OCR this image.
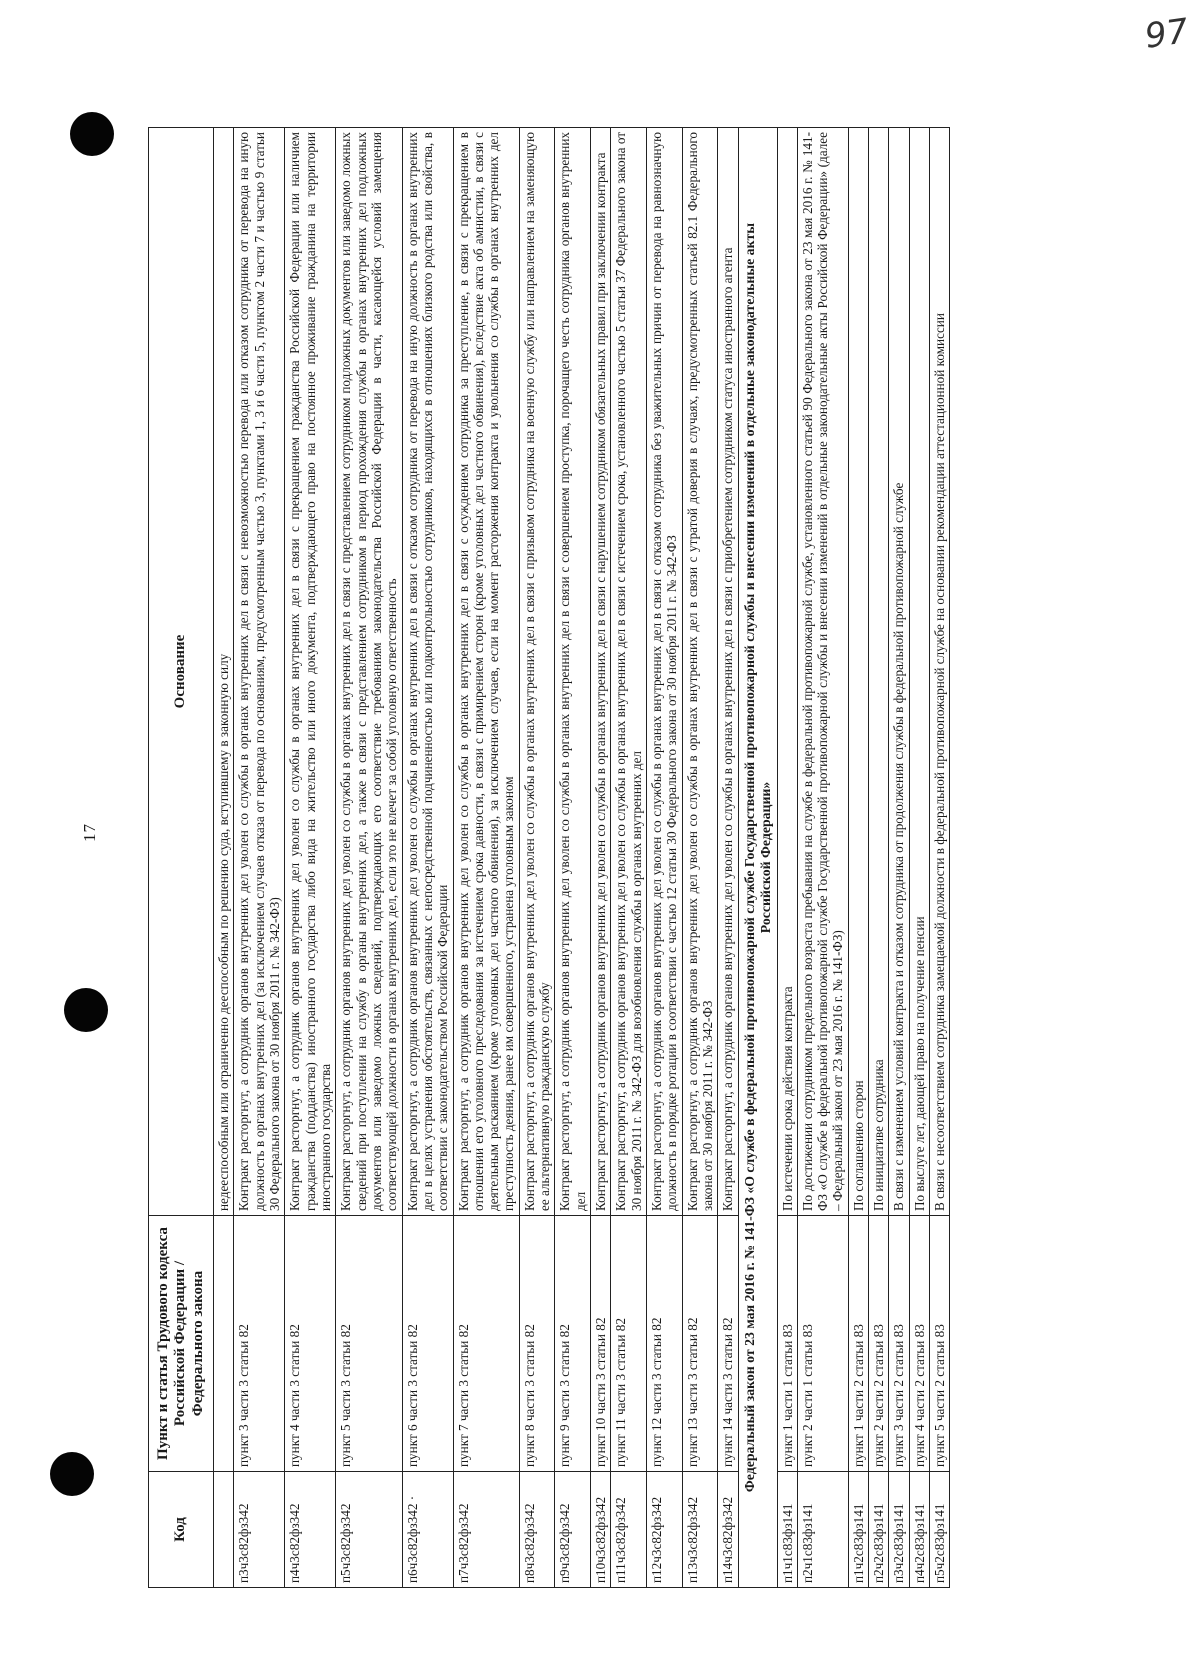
17
97
Код	Пункт и статья Трудового кодекса Российской Федерации / Федерального закона	Основание
		недееспособным или ограниченно дееспособным по решению суда, вступившему в законную силу
п3ч3с82фз342	пункт 3 части 3 статьи 82	Контракт расторгнут, а сотрудник органов внутренних дел уволен со службы в органах внутренних дел в связи с невозможностью перевода или отказом сотрудника от перевода на иную должность в органах внутренних дел (за исключением случаев отказа от перевода по основаниям, предусмотренным частью 3, пунктами 1, 3 и 6 части 5, пунктом 2 части 7 и частью 9 статьи 30 Федерального закона от 30 ноября 2011 г. № 342-ФЗ)
п4ч3с82фз342	пункт 4 части 3 статьи 82	Контракт расторгнут, а сотрудник органов внутренних дел уволен со службы в органах внутренних дел в связи с прекращением гражданства Российской Федерации или наличием гражданства (подданства) иностранного государства либо вида на жительство или иного документа, подтверждающего право на постоянное проживание гражданина на территории иностранного государства
п5ч3с82фз342	пункт 5 части 3 статьи 82	Контракт расторгнут, а сотрудник органов внутренних дел уволен со службы в органах внутренних дел в связи с представлением сотрудником подложных документов или заведомо ложных сведений при поступлении на службу в органы внутренних дел, а также в связи с представлением сотрудником в период прохождения службы в органах внутренних дел подложных документов или заведомо ложных сведений, подтверждающих его соответствие требованиям законодательства Российской Федерации в части, касающейся условий замещения соответствующей должности в органах внутренних дел, если это не влечет за собой уголовную ответственность
п6ч3с82фз342 ·	пункт 6 части 3 статьи 82	Контракт расторгнут, а сотрудник органов внутренних дел уволен со службы в органах внутренних дел в связи с отказом сотрудника от перевода на иную должность в органах внутренних дел в целях устранения обстоятельств, связанных с непосредственной подчиненностью или подконтрольностью сотрудников, находящихся в отношениях близкого родства или свойства, в соответствии с законодательством Российской Федерации
п7ч3с82фз342	пункт 7 части 3 статьи 82	Контракт расторгнут, а сотрудник органов внутренних дел уволен со службы в органах внутренних дел в связи с осуждением сотрудника за преступление, в связи с прекращением в отношении его уголовного преследования за истечением срока давности, в связи с примирением сторон (кроме уголовных дел частного обвинения), вследствие акта об амнистии, в связи с деятельным раскаянием (кроме уголовных дел частного обвинения), за исключением случаев, если на момент расторжения контракта и увольнения со службы в органах внутренних дел преступность деяния, ранее им совершенного, устранена уголовным законом
п8ч3с82фз342	пункт 8 части 3 статьи 82	Контракт расторгнут, а сотрудник органов внутренних дел уволен со службы в органах внутренних дел в связи с призывом сотрудника на военную службу или направлением на заменяющую ее альтернативную гражданскую службу
п9ч3с82фз342	пункт 9 части 3 статьи 82	Контракт расторгнут, а сотрудник органов внутренних дел уволен со службы в органах внутренних дел в связи с совершением проступка, порочащего честь сотрудника органов внутренних дел
п10ч3с82фз342	пункт 10 части 3 статьи 82	Контракт расторгнут, а сотрудник органов внутренних дел уволен со службы в органах внутренних дел в связи с нарушением сотрудником обязательных правил при заключении контракта
п11ч3с82фз342	пункт 11 части 3 статьи 82	Контракт расторгнут, а сотрудник органов внутренних дел уволен со службы в органах внутренних дел в связи с истечением срока, установленного частью 5 статьи 37 Федерального закона от 30 ноября 2011 г. № 342-ФЗ для возобновления службы в органах внутренних дел
п12ч3с82фз342	пункт 12 части 3 статьи 82	Контракт расторгнут, а сотрудник органов внутренних дел уволен со службы в органах внутренних дел в связи с отказом сотрудника без уважительных причин от перевода на равнозначную должность в порядке ротации в соответствии с частью 12 статьи 30 Федерального закона от 30 ноября 2011 г. № 342-ФЗ
п13ч3с82фз342	пункт 13 части 3 статьи 82	Контракт расторгнут, а сотрудник органов внутренних дел уволен со службы в органах внутренних дел в связи с утратой доверия в случаях, предусмотренных статьей 82.1 Федерального закона от 30 ноября 2011 г. № 342-ФЗ
п14ч3с82фз342	пункт 14 части 3 статьи 82	Контракт расторгнут, а сотрудник органов внутренних дел уволен со службы в органах внутренних дел в связи с приобретением сотрудником статуса иностранного агента
Федеральный закон от 23 мая 2016 г. № 141-ФЗ «О службе в федеральной противопожарной службе Государственной противопожарной службы и внесении изменений в отдельные законодательные акты Российской Федерации»		
п1ч1с83фз141	пункт 1 части 1 статьи 83	По истечении срока действия контракта
п2ч1с83фз141	пункт 2 части 1 статьи 83	По достижении сотрудником предельного возраста пребывания на службе в федеральной противопожарной службе, установленного статьей 90 Федерального закона от 23 мая 2016 г. № 141-ФЗ «О службе в федеральной противопожарной службе Государственной противопожарной службы и внесении изменений в отдельные законодательные акты Российской Федерации» (далее – Федеральный закон от 23 мая 2016 г. № 141-ФЗ)
п1ч2с83фз141	пункт 1 части 2 статьи 83	По соглашению сторон
п2ч2с83фз141	пункт 2 части 2 статьи 83	По инициативе сотрудника
п3ч2с83фз141	пункт 3 части 2 статьи 83	В связи с изменением условий контракта и отказом сотрудника от продолжения службы в федеральной противопожарной службе
п4ч2с83фз141	пункт 4 части 2 статьи 83	По выслуге лет, дающей право на получение пенсии
п5ч2с83фз141	пункт 5 части 2 статьи 83	В связи с несоответствием сотрудника замещаемой должности в федеральной противопожарной службе на основании рекомендации аттестационной комиссии
